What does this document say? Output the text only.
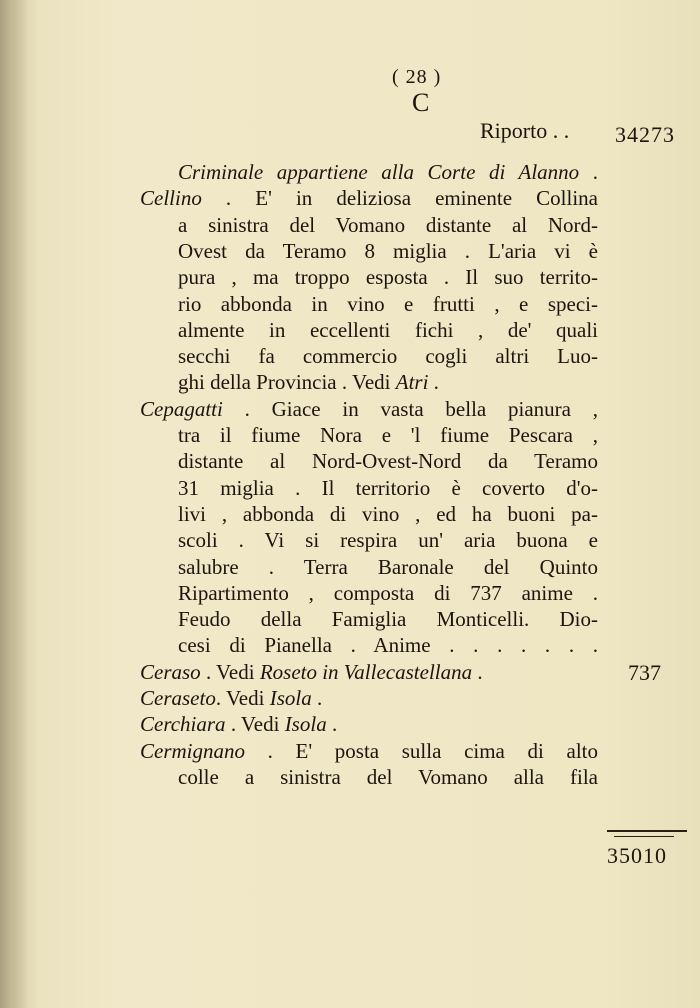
( 28 )
C
Riporto . . 34273
Criminale appartiene alla Corte di Alanno .
Cellino . E' in deliziosa eminente Collina
a sinistra del Vomano distante al Nord-
Ovest da Teramo 8 miglia . L'aria vi è
pura , ma troppo esposta . Il suo territo-
rio abbonda in vino e frutti , e speci-
almente in eccellenti fichi , de' quali
secchi fa commercio cogli altri Luo-
ghi della Provincia . Vedi Atri .
Cepagatti . Giace in vasta bella pianura ,
tra il fiume Nora e 'l fiume Pescara ,
distante al Nord-Ovest-Nord da Teramo
31 miglia . Il territorio è coverto d'o-
livi , abbonda di vino , ed ha buoni pa-
scoli . Vi si respira un' aria buona e
salubre . Terra Baronale del Quinto
Ripartimento , composta di 737 anime .
Feudo della Famiglia Monticelli. Dio-
cesi di Pianella . Anime . . . . . . .
Ceraso . Vedi Roseto in Vallecastellana .
Ceraseto. Vedi Isola .
Cerchiara . Vedi Isola .
Cermignano . E' posta sulla cima di alto
colle a sinistra del Vomano alla fila
737
35010
